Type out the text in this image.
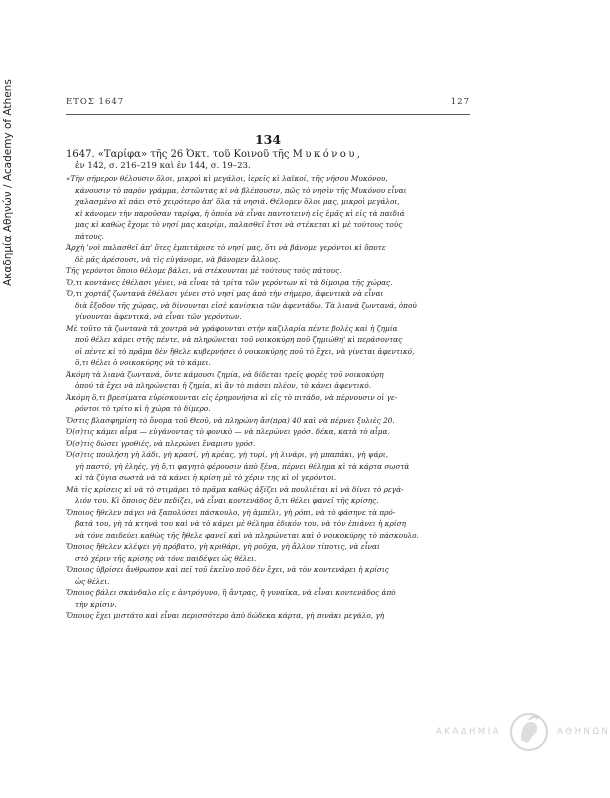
Ακαδημία Αθηνών / Academy of Athens	ΕΤΟΣ 1647	127
134
1647. «Ταρίφα» τῆς 26 Ὀκτ. τοῦ Κοινοῦ τῆς Μυκόνου,
ἐν 142, σ. 216–219 καὶ ἐν 144, σ. 19–23.

«Τὴν σήμερον θέλουσιν ὅλοι, μικροὶ κὶ μεγάλοι, ἱερεῖς κὶ λαϊκοί, τῆς νήσου Μυκόνου,

κάνουσιν τὸ παρὸν γράμμα, ἐστῶντας κὶ νὰ βλέπουσιν, πῶς τὸ νησὶν τῆς Μυκόνου εἶναι

χαλασμένο κὶ πάει στὸ χειρότερο ἀπ' ὅλα τὰ νησιά. Θέλομεν ὅλοι μας, μικροὶ μεγάλοι,

κὶ κάνομεν τὴν παροῦσαν ταρίφα, ἡ ὁποία νὰ εἶναι παντοτεινὴ εἰς ἐμᾶς κὶ εἰς τὰ παιδιά

μας κὶ καθὼς ἔχομε τὸ νησί μας καιρίμι, παλασθεῖ ἔτσι νὰ στέκεται κὶ μὲ τούτους τοὺς

πάτους.

Ἀρχὴ 'νοὶ παλασθεῖ ἀπ' ὅτες ἐμπιτάρισε τὸ νησί μας, ὅτι νὰ βάνομε γερόντοι κὶ ὅποτε

δὲ μᾶς ἀρέσουσι, νὰ τὶς εὐγάνομε, νὰ βάνομεν ἄλλους.

Τῆς γερόντοι ὅποιο θέλομε βάλει, νὰ στέκουνται μὲ τούτους τοὺς πάτους.

Ὅ,τι κοντάνες ἐθέλασι γένει, νὰ εἶναι τὰ τρίτα τῶν γερόντων κὶ τὰ δίμοιρα τῆς χώρας.

Ὅ,τι χορτάζ ζωντανὰ ἐθέλασι γένει στὸ νησί μας ἀπὸ τὴν σήμερο, ἀφεντικὰ νὰ εἶναι

διὰ ἔξοδον τῆς χώρας, νὰ δίνουνται εἰσὲ κανίσκια τῶν ἀφεντάδω. Τὰ λιανὰ ζωντανά, ὁπού

γίνουνται ἀφεντικά, νὰ εἶναι τῶν γερόντων.

Μὲ τοῦτο τὰ ζωντανὰ τὰ χοντρὰ νὰ γράφουνται στὴν καζιλαρία πέντε βολὲς καὶ ἡ ζημία

ποῦ θέλει κάμει στῆς πέντε, νὰ πληρώνεται τοῦ νοικοκύρη ποῦ ζημιώθη' κὶ περάσοντας

οἱ πέντε κὶ τὸ πρᾶμα δὲν ἤθελε κυβερνήσει ὁ νοικοκύρης ποῦ τὸ ἔχει, νὰ γίνεται ἀφεντικό,

ὅ,τι θέλει ὁ νοικοκύρης νὰ τὸ κάμει.

Ἀκόμη τὰ λιανὰ ζωντανά, ὄντε κάμουσι ζημία, νὰ δίδεται τρεῖς φορὲς τοῦ νοικοκύρη

ὁπού τὰ ἔχει νὰ πληρώνεται ἡ ζημία, κὶ ἂν τὸ πιάσει πλέον, τὸ κάνει ἀφεντικό.

Ἀκόμη ὅ,τι βρεσίματα εὑρίσκουνται εἰς ἐρημονήσια κὶ εἰς τὸ πιτάδο, νὰ πέρνουσιν οἱ γε-

ρόντοι τὸ τρίτο κὶ ἡ χώρα τὸ δίμερο.

Ὅστις βλασφημίση τὸ ὄνομα τοῦ Θεοῦ, νὰ πληρώνη ἄσ(πρα) 40 καὶ νὰ πέρνει ξυλιὲς 20.

Ὁ(σ)τις κάμει αἷμα — εὑγάνοντας τὸ φονικὸ — νὰ πλερώνει γρόσ. δέκα, κατὰ τὸ αἷμα.

Ὁ(σ)τις δώσει γροθιές, νὰ πλερώνει ἕναμισυ γρόσ.

Ὁ(σ)τις πουλήση γὴ λάδι, γὴ κρασί, γὴ κρέας, γὴ τυρί, γὴ λινάρι, γὴ μπαπάκι, γὴ ψάρι,

γὴ παστό, γὴ ἐληές, γὴ ὅ,τι φαγητὸ φέρουσιν ἀπὸ ξένα, πέρνει θέλημα κὶ τὰ κάρτα σωστὰ

κὶ τὰ ζύγια σωστὰ νὰ τὰ κάνει ἡ κρίση μὲ τὸ χέριν της κὶ οἱ γερόντοι.

Μὰ τὶς κρίσεις κὶ νὰ τὸ στιμάρει τὸ πρᾶμα καθὼς ἀξίζει νὰ πουλιέται κὶ νὰ δίνει τὸ ρεγά-

λιόν του. Κὶ ὅποιος δὲν πεδίζει, νὰ εἶναι κοντενάδος ὅ,τι θέλει φανεῖ τῆς κρίσης.

Ὅποιος ἤθελεν πάγει νὰ ξαπολύσει πάσκουλο, γὴ ἀμπέλι, γὴ ρόπι, νὰ τὸ φάσηνε τὰ πρό-

βατά του, γὴ τὰ κτηνά του καὶ νὰ τὸ κάμει μὲ θέλημα ἐδικόν του, νὰ τὸν ἐπιάνει ἡ κρίση

νὰ τόνε παιδεύει καθὼς τῆς ἤθελε φανεῖ καὶ νὰ πληρώνεται καὶ ὁ νοικοκύρης τὸ πάσκουλο.

Ὅποιος ἤθελεν κλέψει γὴ πρόβατο, γὴ κριθάρι, γὴ ροῦχα, γὴ ἄλλον τίποτις, νὰ εἶναι

στὸ χέριν τῆς κρίσης νὰ τόνε παιδέψει ὡς θέλει.

Ὅποιος ὑβρίσει ἄνθρωπον καὶ πεῖ τοῦ ἐκεῖνο ποῦ δὲν ἔχει, νὰ τὸν κοντενάρει ἡ κρίσις

ὡς θέλει.

Ὅποιος βάλει σκάνδαλο εἰς ε ἀντρόγυνο, ἢ ἄντρας, ἢ γυναῖκα, νὰ εἶναι κοντενάδος ἀπὸ

τὴν κρίσιν.

Ὅποιος ἔχει μιστάτο καὶ εἶναι περισσότερο ἀπὸ δώδεκα κάρτα, γὴ πινάκι μεγάλο, γὴ

ΑΚΑΔΗΜΙΑ	ΑΘΗΝΩΝ
